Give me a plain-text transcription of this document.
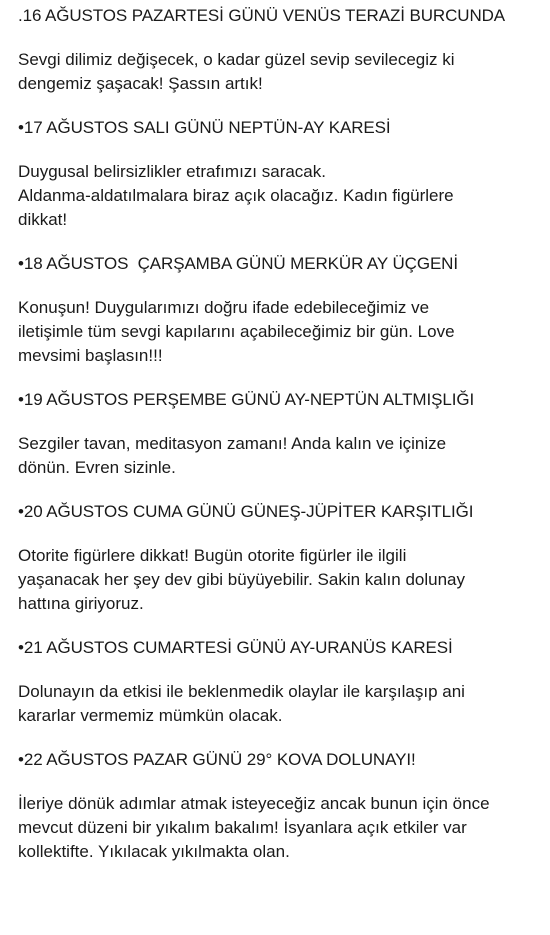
.16 AĞUSTOS PAZARTESİ GÜNÜ VENÜS TERAZİ BURCUNDA

Sevgi dilimiz değişecek, o kadar güzel sevip sevilecegiz ki
dengemiz şaşacak! Şassın artık!

•17 AĞUSTOS SALI GÜNÜ NEPTÜN-AY KARESİ

Duygusal belirsizlikler etrafımızı saracak.
Aldanma-aldatılmalara biraz açık olacağız. Kadın figürlere
dikkat!

•18 AĞUSTOS  ÇARŞAMBA GÜNÜ MERKÜR AY ÜÇGENİ

Konuşun! Duygularımızı doğru ifade edebileceğimiz ve
iletişimle tüm sevgi kapılarını açabileceğimiz bir gün. Love
mevsimi başlasın!!!

•19 AĞUSTOS PERŞEMBE GÜNÜ AY-NEPTÜN ALTMIŞLIĞI

Sezgiler tavan, meditasyon zamanı! Anda kalın ve içinize
dönün. Evren sizinle.

•20 AĞUSTOS CUMA GÜNÜ GÜNEŞ-JÜPİTER KARŞITLIĞI

Otorite figürlere dikkat! Bugün otorite figürler ile ilgili
yaşanacak her şey dev gibi büyüyebilir. Sakin kalın dolunay
hattına giriyoruz.

•21 AĞUSTOS CUMARTESİ GÜNÜ AY-URANÜS KARESİ

Dolunayın da etkisi ile beklenmedik olaylar ile karşılaşıp ani
kararlar vermemiz mümkün olacak.

•22 AĞUSTOS PAZAR GÜNÜ 29° KOVA DOLUNAYI!

İleriye dönük adımlar atmak isteyeceğiz ancak bunun için önce
mevcut düzeni bir yıkalım bakalım! İsyanlara açık etkiler var
kollektifte. Yıkılacak yıkılmakta olan.
